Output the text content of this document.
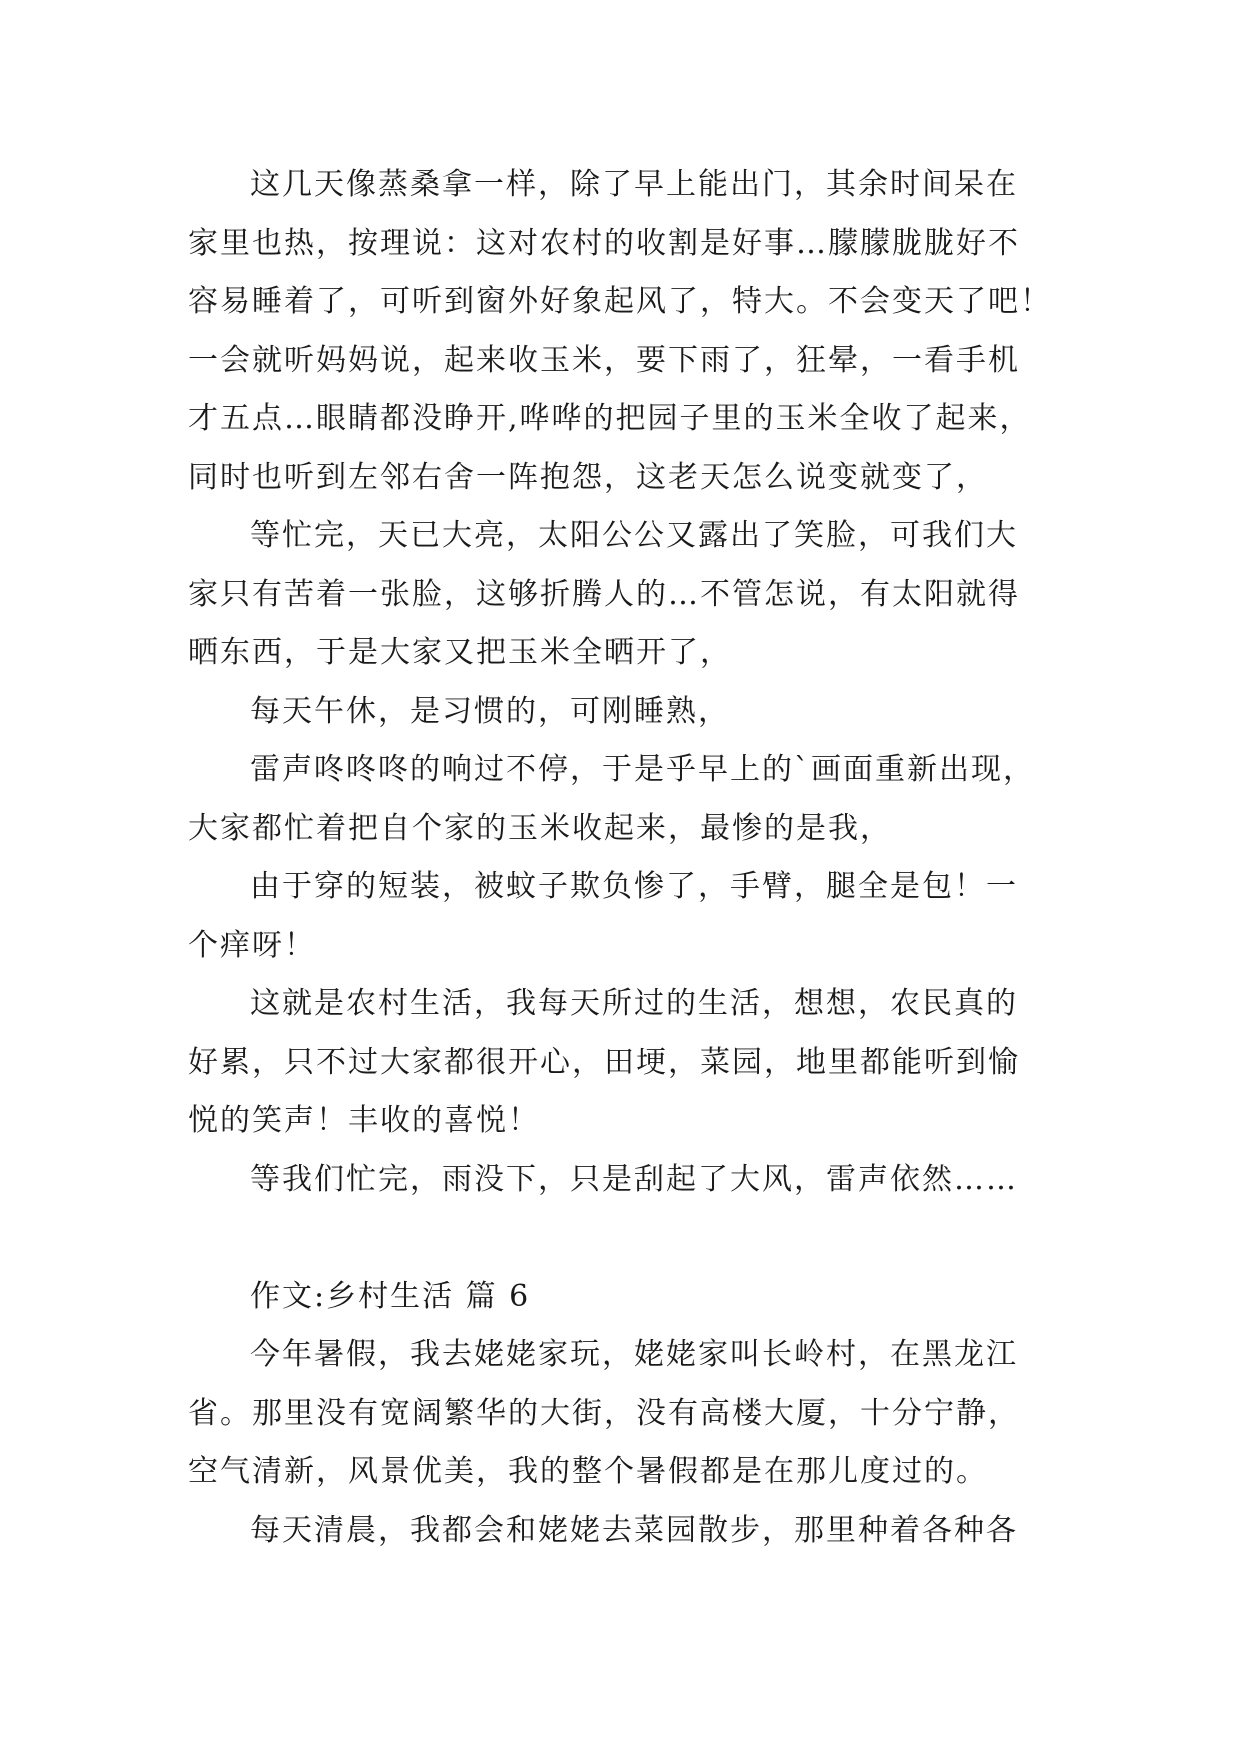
这几天像蒸桑拿一样，除了早上能出门，其余时间呆在
家里也热，按理说：这对农村的收割是好事…朦朦胧胧好不
容易睡着了，可听到窗外好象起风了，特大。不会变天了吧！
一会就听妈妈说，起来收玉米，要下雨了，狂晕，一看手机
才五点…眼睛都没睁开,哗哗的把园子里的玉米全收了起来，
同时也听到左邻右舍一阵抱怨，这老天怎么说变就变了，
等忙完，天已大亮，太阳公公又露出了笑脸，可我们大
家只有苦着一张脸，这够折腾人的…不管怎说，有太阳就得
晒东西，于是大家又把玉米全晒开了，
每天午休，是习惯的，可刚睡熟，
雷声咚咚咚的响过不停，于是乎早上的`画面重新出现，
大家都忙着把自个家的玉米收起来，最惨的是我，
由于穿的短装，被蚊子欺负惨了，手臂，腿全是包！一
个痒呀！
这就是农村生活，我每天所过的生活，想想，农民真的
好累，只不过大家都很开心，田埂，菜园，地里都能听到愉
悦的笑声！丰收的喜悦！
等我们忙完，雨没下，只是刮起了大风，雷声依然……
作文:乡村生活 篇 6
今年暑假，我去姥姥家玩，姥姥家叫长岭村，在黑龙江
省。那里没有宽阔繁华的大街，没有高楼大厦，十分宁静，
空气清新，风景优美，我的整个暑假都是在那儿度过的。
每天清晨，我都会和姥姥去菜园散步，那里种着各种各
